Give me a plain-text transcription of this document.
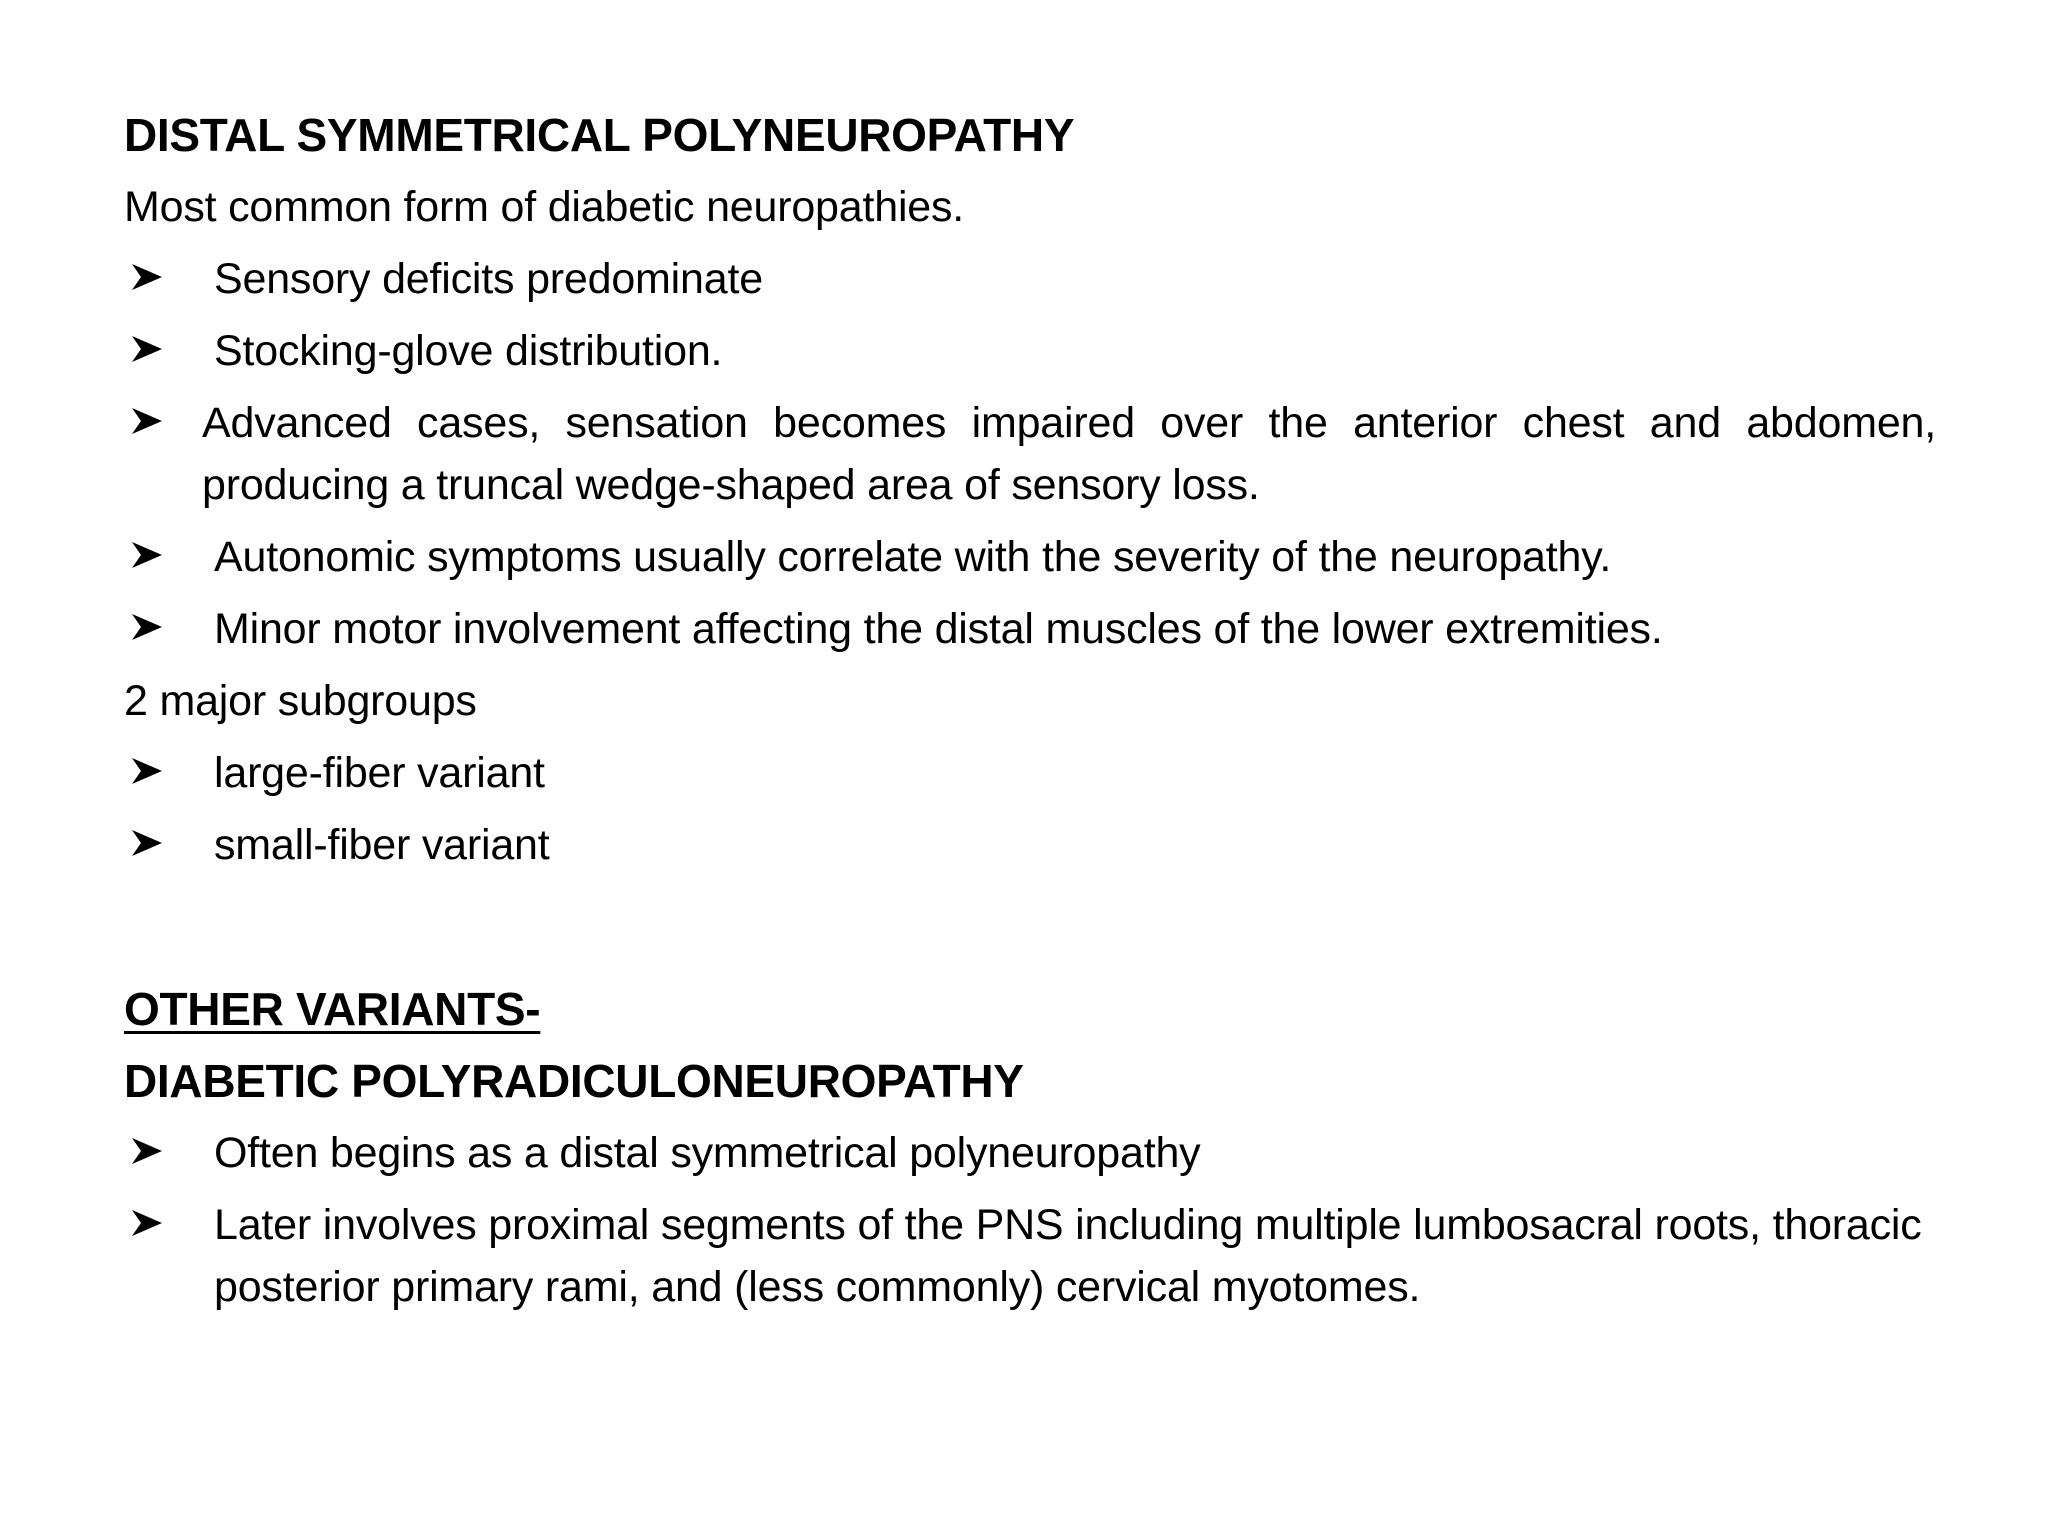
DISTAL SYMMETRICAL POLYNEUROPATHY
Most common form of diabetic neuropathies.
Sensory deficits predominate
Stocking-glove distribution.
Advanced cases, sensation becomes impaired over the anterior chest and abdomen, producing a truncal wedge-shaped area of sensory loss.
Autonomic symptoms usually correlate with the severity of the neuropathy.
Minor motor involvement affecting the distal muscles of the lower extremities.
2 major subgroups
large-fiber variant
small-fiber variant
OTHER VARIANTS-
DIABETIC POLYRADICULONEUROPATHY
Often begins as a distal symmetrical polyneuropathy
Later involves proximal segments of the PNS including multiple lumbosacral roots, thoracic posterior primary rami, and (less commonly) cervical myotomes.
